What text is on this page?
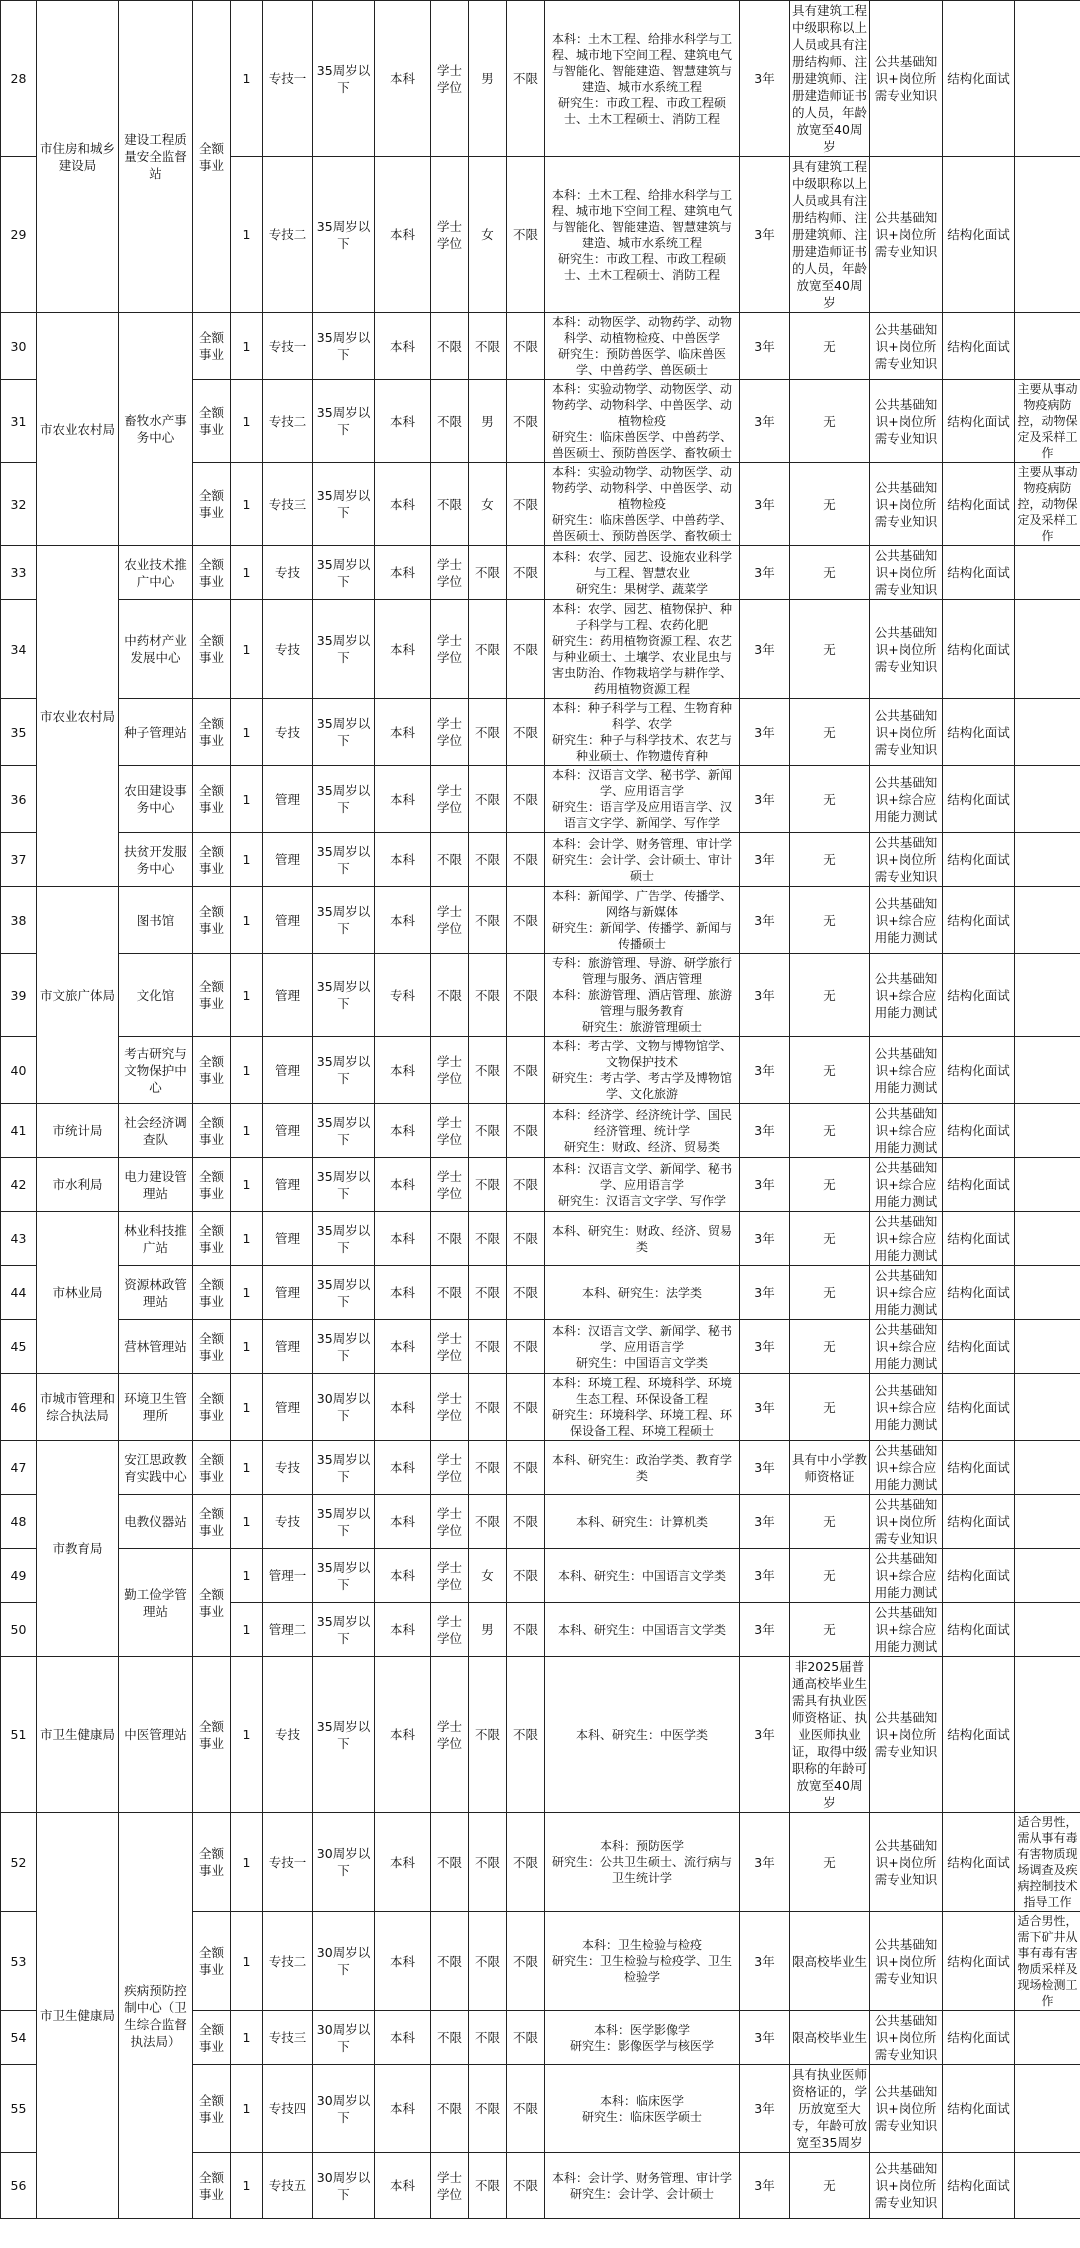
28	市住房和城乡建设局	建设工程质量安全监督站	全额事业	1	专技一	35周岁以下	本科	学士学位	男	不限	本科：土木工程、给排水科学与工程、城市地下空间工程、建筑电气与智能化、智能建造、智慧建筑与建造、城市水系统工程
研究生：市政工程、市政工程硕士、土木工程硕士、消防工程	3年	具有建筑工程中级职称以上人员或具有注册结构师、注册建筑师、注册建造师证书的人员，年龄放宽至40周岁	公共基础知识+岗位所需专业知识	结构化面试	
29				1	专技二	35周岁以下	本科	学士学位	女	不限	本科：土木工程、给排水科学与工程、城市地下空间工程、建筑电气与智能化、智能建造、智慧建筑与建造、城市水系统工程
研究生：市政工程、市政工程硕士、土木工程硕士、消防工程	3年	具有建筑工程中级职称以上人员或具有注册结构师、注册建筑师、注册建造师证书的人员，年龄放宽至40周岁	公共基础知识+岗位所需专业知识	结构化面试	
30	市农业农村局	畜牧水产事务中心	全额事业	1	专技一	35周岁以下	本科	不限	不限	不限	本科：动物医学、动物药学、动物科学、动植物检疫、中兽医学
研究生：预防兽医学、临床兽医学、中兽药学、兽医硕士	3年	无	公共基础知识+岗位所需专业知识	结构化面试	
31			全额事业	1	专技二	35周岁以下	本科	不限	男	不限	本科：实验动物学、动物医学、动物药学、动物科学、中兽医学、动植物检疫
研究生：临床兽医学、中兽药学、兽医硕士、预防兽医学、畜牧硕士	3年	无	公共基础知识+岗位所需专业知识	结构化面试	主要从事动物疫病防控，动物保定及采样工作
32			全额事业	1	专技三	35周岁以下	本科	不限	女	不限	本科：实验动物学、动物医学、动物药学、动物科学、中兽医学、动植物检疫
研究生：临床兽医学、中兽药学、兽医硕士、预防兽医学、畜牧硕士	3年	无	公共基础知识+岗位所需专业知识	结构化面试	主要从事动物疫病防控，动物保定及采样工作
33	市农业农村局	农业技术推广中心	全额事业	1	专技	35周岁以下	本科	学士学位	不限	不限	本科：农学、园艺、设施农业科学与工程、智慧农业
研究生：果树学、蔬菜学	3年	无	公共基础知识+岗位所需专业知识	结构化面试	
34		中药材产业发展中心	全额事业	1	专技	35周岁以下	本科	学士学位	不限	不限	本科：农学、园艺、植物保护、种子科学与工程、农药化肥
研究生：药用植物资源工程、农艺与种业硕士、土壤学、农业昆虫与害虫防治、作物栽培学与耕作学、药用植物资源工程	3年	无	公共基础知识+岗位所需专业知识	结构化面试	
35		种子管理站	全额事业	1	专技	35周岁以下	本科	学士学位	不限	不限	本科：种子科学与工程、生物育种科学、农学
研究生：种子与科学技术、农艺与种业硕士、作物遗传育种	3年	无	公共基础知识+岗位所需专业知识	结构化面试	
36		农田建设事务中心	全额事业	1	管理	35周岁以下	本科	学士学位	不限	不限	本科：汉语言文学、秘书学、新闻学、应用语言学
研究生：语言学及应用语言学、汉语言文字学、新闻学、写作学	3年	无	公共基础知识+综合应用能力测试	结构化面试	
37		扶贫开发服务中心	全额事业	1	管理	35周岁以下	本科	不限	不限	不限	本科：会计学、财务管理、审计学
研究生：会计学、会计硕士、审计硕士	3年	无	公共基础知识+岗位所需专业知识	结构化面试	
38	市文旅广体局	图书馆	全额事业	1	管理	35周岁以下	本科	学士学位	不限	不限	本科：新闻学、广告学、传播学、网络与新媒体
研究生：新闻学、传播学、新闻与传播硕士	3年	无	公共基础知识+综合应用能力测试	结构化面试	
39		文化馆	全额事业	1	管理	35周岁以下	专科	不限	不限	不限	专科：旅游管理、导游、研学旅行管理与服务、酒店管理
本科：旅游管理、酒店管理、旅游管理与服务教育
研究生：旅游管理硕士	3年	无	公共基础知识+综合应用能力测试	结构化面试	
40		考古研究与文物保护中心	全额事业	1	管理	35周岁以下	本科	学士学位	不限	不限	本科：考古学、文物与博物馆学、文物保护技术
研究生：考古学、考古学及博物馆学、文化旅游	3年	无	公共基础知识+综合应用能力测试	结构化面试	
41	市统计局	社会经济调查队	全额事业	1	管理	35周岁以下	本科	学士学位	不限	不限	本科：经济学、经济统计学、国民经济管理、统计学
研究生：财政、经济、贸易类	3年	无	公共基础知识+综合应用能力测试	结构化面试	
42	市水利局	电力建设管理站	全额事业	1	管理	35周岁以下	本科	学士学位	不限	不限	本科：汉语言文学、新闻学、秘书学、应用语言学
研究生：汉语言文字学、写作学	3年	无	公共基础知识+综合应用能力测试	结构化面试	
43	市林业局	林业科技推广站	全额事业	1	管理	35周岁以下	本科	不限	不限	不限	本科、研究生：财政、经济、贸易类	3年	无	公共基础知识+综合应用能力测试	结构化面试	
44		资源林政管理站	全额事业	1	管理	35周岁以下	本科	不限	不限	不限	本科、研究生：法学类	3年	无	公共基础知识+综合应用能力测试	结构化面试	
45		营林管理站	全额事业	1	管理	35周岁以下	本科	学士学位	不限	不限	本科：汉语言文学、新闻学、秘书学、应用语言学
研究生：中国语言文学类	3年	无	公共基础知识+综合应用能力测试	结构化面试	
46	市城市管理和综合执法局	环境卫生管理所	全额事业	1	管理	30周岁以下	本科	学士学位	不限	不限	本科：环境工程、环境科学、环境生态工程、环保设备工程
研究生：环境科学、环境工程、环保设备工程、环境工程硕士	3年	无	公共基础知识+综合应用能力测试	结构化面试	
47	市教育局	安江思政教育实践中心	全额事业	1	专技	35周岁以下	本科	学士学位	不限	不限	本科、研究生：政治学类、教育学类	3年	具有中小学教师资格证	公共基础知识+综合应用能力测试	结构化面试	
48		电教仪器站	全额事业	1	专技	35周岁以下	本科	学士学位	不限	不限	本科、研究生：计算机类	3年	无	公共基础知识+岗位所需专业知识	结构化面试	
49		勤工俭学管理站	全额事业	1	管理一	35周岁以下	本科	学士学位	女	不限	本科、研究生：中国语言文学类	3年	无	公共基础知识+综合应用能力测试	结构化面试	
50				1	管理二	35周岁以下	本科	学士学位	男	不限	本科、研究生：中国语言文学类	3年	无	公共基础知识+综合应用能力测试	结构化面试	
51	市卫生健康局	中医管理站	全额事业	1	专技	35周岁以下	本科	学士学位	不限	不限	本科、研究生：中医学类	3年	非2025届普通高校毕业生需具有执业医师资格证、执业医师执业证，取得中级职称的年龄可放宽至40周岁	公共基础知识+岗位所需专业知识	结构化面试	
52	市卫生健康局	疾病预防控制中心（卫生综合监督执法局）	全额事业	1	专技一	30周岁以下	本科	不限	不限	不限	本科：预防医学
研究生：公共卫生硕士、流行病与卫生统计学	3年	无	公共基础知识+岗位所需专业知识	结构化面试	适合男性，需从事有毒有害物质现场调查及疾病控制技术指导工作
53			全额事业	1	专技二	30周岁以下	本科	不限	不限	不限	本科：卫生检验与检疫
研究生：卫生检验与检疫学、卫生检验学	3年	限高校毕业生	公共基础知识+岗位所需专业知识	结构化面试	适合男性，需下矿井从事有毒有害物质采样及现场检测工作
54			全额事业	1	专技三	30周岁以下	本科	不限	不限	不限	本科：医学影像学
研究生：影像医学与核医学	3年	限高校毕业生	公共基础知识+岗位所需专业知识	结构化面试	
55			全额事业	1	专技四	30周岁以下	本科	不限	不限	不限	本科：临床医学
研究生：临床医学硕士	3年	具有执业医师资格证的，学历放宽至大专，年龄可放宽至35周岁	公共基础知识+岗位所需专业知识	结构化面试	
56			全额事业	1	专技五	30周岁以下	本科	学士学位	不限	不限	本科：会计学、财务管理、审计学
研究生：会计学、会计硕士	3年	无	公共基础知识+岗位所需专业知识	结构化面试	
